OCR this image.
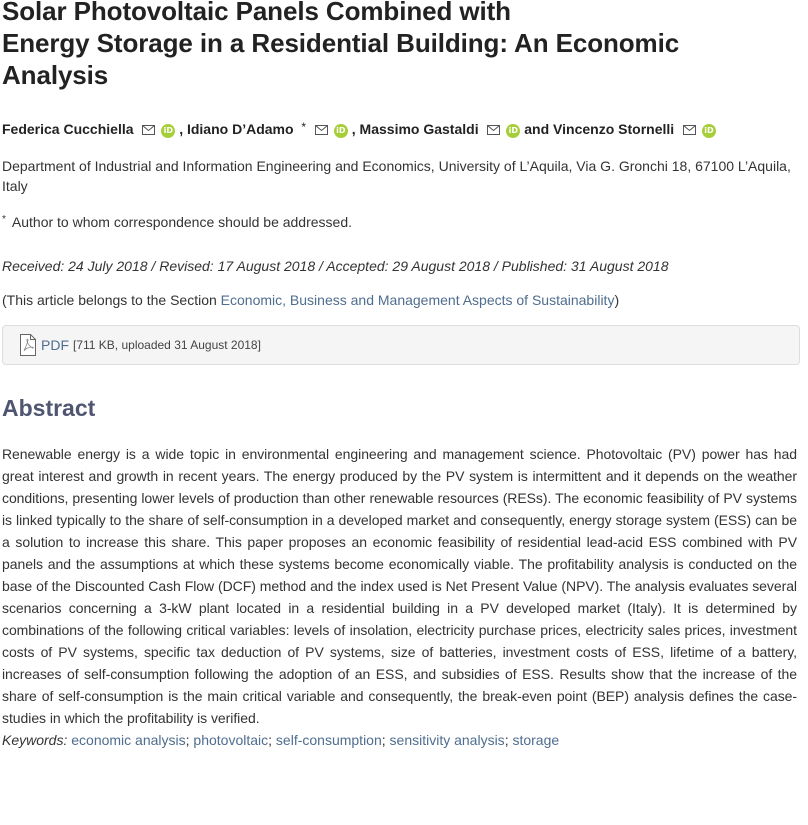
Solar Photovoltaic Panels Combined with
Energy Storage in a Residential Building: An Economic
Analysis
Federica Cucchiella	iD , Idiano D’Adamo *	iD , Massimo Gastaldi	iD and Vincenzo Stornelli	iD
Department of Industrial and Information Engineering and Economics, University of L’Aquila, Via G. Gronchi 18, 67100 L’Aquila, Italy
* Author to whom correspondence should be addressed.
Received: 24 July 2018 / Revised: 17 August 2018 / Accepted: 29 August 2018 / Published: 31 August 2018
(This article belongs to the Section Economic, Business and Management Aspects of Sustainability)
PDF [711 KB, uploaded 31 August 2018]
Abstract
Renewable energy is a wide topic in environmental engineering and management science. Photovoltaic (PV) power has had great interest and growth in recent years. The energy produced by the PV system is intermittent and it depends on the weather conditions, presenting lower levels of production than other renewable resources (RESs). The economic feasibility of PV systems is linked typically to the share of self-consumption in a developed market and consequently, energy storage system (ESS) can be a solution to increase this share. This paper proposes an economic feasibility of residential lead-acid ESS combined with PV panels and the assumptions at which these systems become economically viable. The profitability analysis is conducted on the base of the Discounted Cash Flow (DCF) method and the index used is Net Present Value (NPV). The analysis evaluates several scenarios concerning a 3-kW plant located in a residential building in a PV developed market (Italy). It is determined by combinations of the following critical variables: levels of insolation, electricity purchase prices, electricity sales prices, investment costs of PV systems, specific tax deduction of PV systems, size of batteries, investment costs of ESS, lifetime of a battery, increases of self-consumption following the adoption of an ESS, and subsidies of ESS. Results show that the increase of the share of self-consumption is the main critical variable and consequently, the break-even point (BEP) analysis defines the case-studies in which the profitability is verified.
Keywords: economic analysis; photovoltaic; self-consumption; sensitivity analysis; storage
